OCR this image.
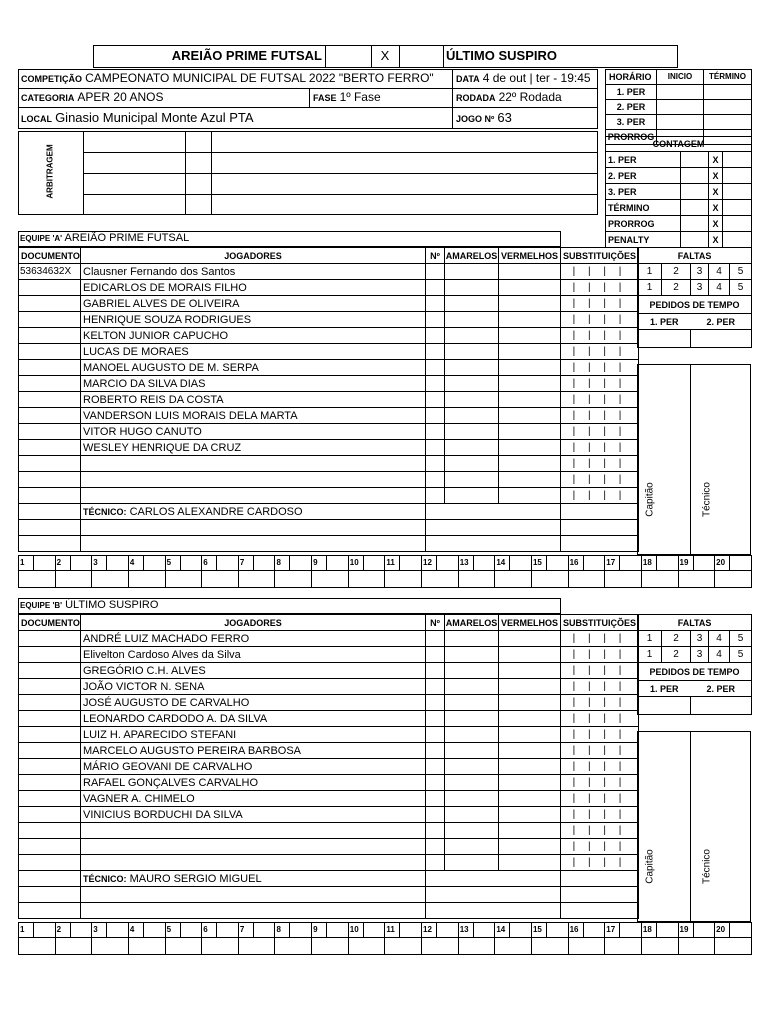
AREIÃO PRIME FUTSAL	X	ÚLTIMO SUSPIRO
COMPETIÇÃO CAMPEONATO MUNICIPAL DE FUTSAL 2022 "BERTO FERRO" DATA 4 de out | ter - 19:45
CATEGORIA APER 20 ANOS	FASE 1º Fase	RODADA 22º Rodada
LOCAL Ginasio Municipal Monte Azul PTA	JOGO Nº 63
HORÁRIO	INICIO	TÉRMINO
1. PER		
2. PER		
3. PER		
PRORROG		
CONTAGEM			
1. PER		X	
2. PER		X	
3. PER		X	
TÉRMINO		X	
PRORROG		X	
PENALTY		X	
ARBITRAGEM
EQUIPE 'A' AREIÃO PRIME FUTSAL
DOCUMENTO	JOGADORES	Nº	AMARELOS	VERMELHOS	SUBSTITUIÇÕES
53634632X	Clausner Fernando dos Santos				| | | |
	EDICARLOS DE MORAIS FILHO				| | | |
	GABRIEL ALVES DE OLIVEIRA				| | | |
	HENRIQUE SOUZA RODRIGUES				| | | |
	KELTON JUNIOR CAPUCHO				| | | |
	LUCAS DE MORAES				| | | |
	MANOEL AUGUSTO DE M. SERPA				| | | |
	MARCIO DA SILVA DIAS				| | | |
	ROBERTO REIS DA COSTA				| | | |
	VANDERSON LUIS MORAIS DELA MARTA				| | | |
	VITOR HUGO CANUTO				| | | |
	WESLEY HENRIQUE DA CRUZ				| | | |
					| | | |
					| | | |
					| | | |
	TÉCNICO: CARLOS ALEXANDRE CARDOSO				

FALTAS				
1	2	3	4	5
1	2	3	4	5
PEDIDOS DE TEMPO				
1. PER		2. PER		

Capitão	Técnico
1		2		3		4		5		6		7		8		9		10		11		12		13		14		15		16		17		18		19		20	

EQUIPE 'B' ÚLTIMO SUSPIRO
DOCUMENTO	JOGADORES	Nº	AMARELOS	VERMELHOS	SUBSTITUIÇÕES
	ANDRÉ LUIZ MACHADO FERRO				| | | |
	Elivelton Cardoso Alves da Silva				| | | |
	GREGÓRIO C.H. ALVES				| | | |
	JOÃO VICTOR N. SENA				| | | |
	JOSÉ AUGUSTO DE CARVALHO				| | | |
	LEONARDO CARDODO A. DA SILVA				| | | |
	LUIZ H. APARECIDO STEFANI				| | | |
	MARCELO AUGUSTO PEREIRA BARBOSA				| | | |
	MÁRIO GEOVANI DE CARVALHO				| | | |
	RAFAEL GONÇALVES CARVALHO				| | | |
	VAGNER A. CHIMELO				| | | |
	VINICIUS BORDUCHI DA SILVA				| | | |
					| | | |
					| | | |
					| | | |
	TÉCNICO: MAURO SERGIO MIGUEL				

FALTAS				
1	2	3	4	5
1	2	3	4	5
PEDIDOS DE TEMPO				
1. PER		2. PER		

Capitão	Técnico
1		2		3		4		5		6		7		8		9		10		11		12		13		14		15		16		17		18		19		20	
